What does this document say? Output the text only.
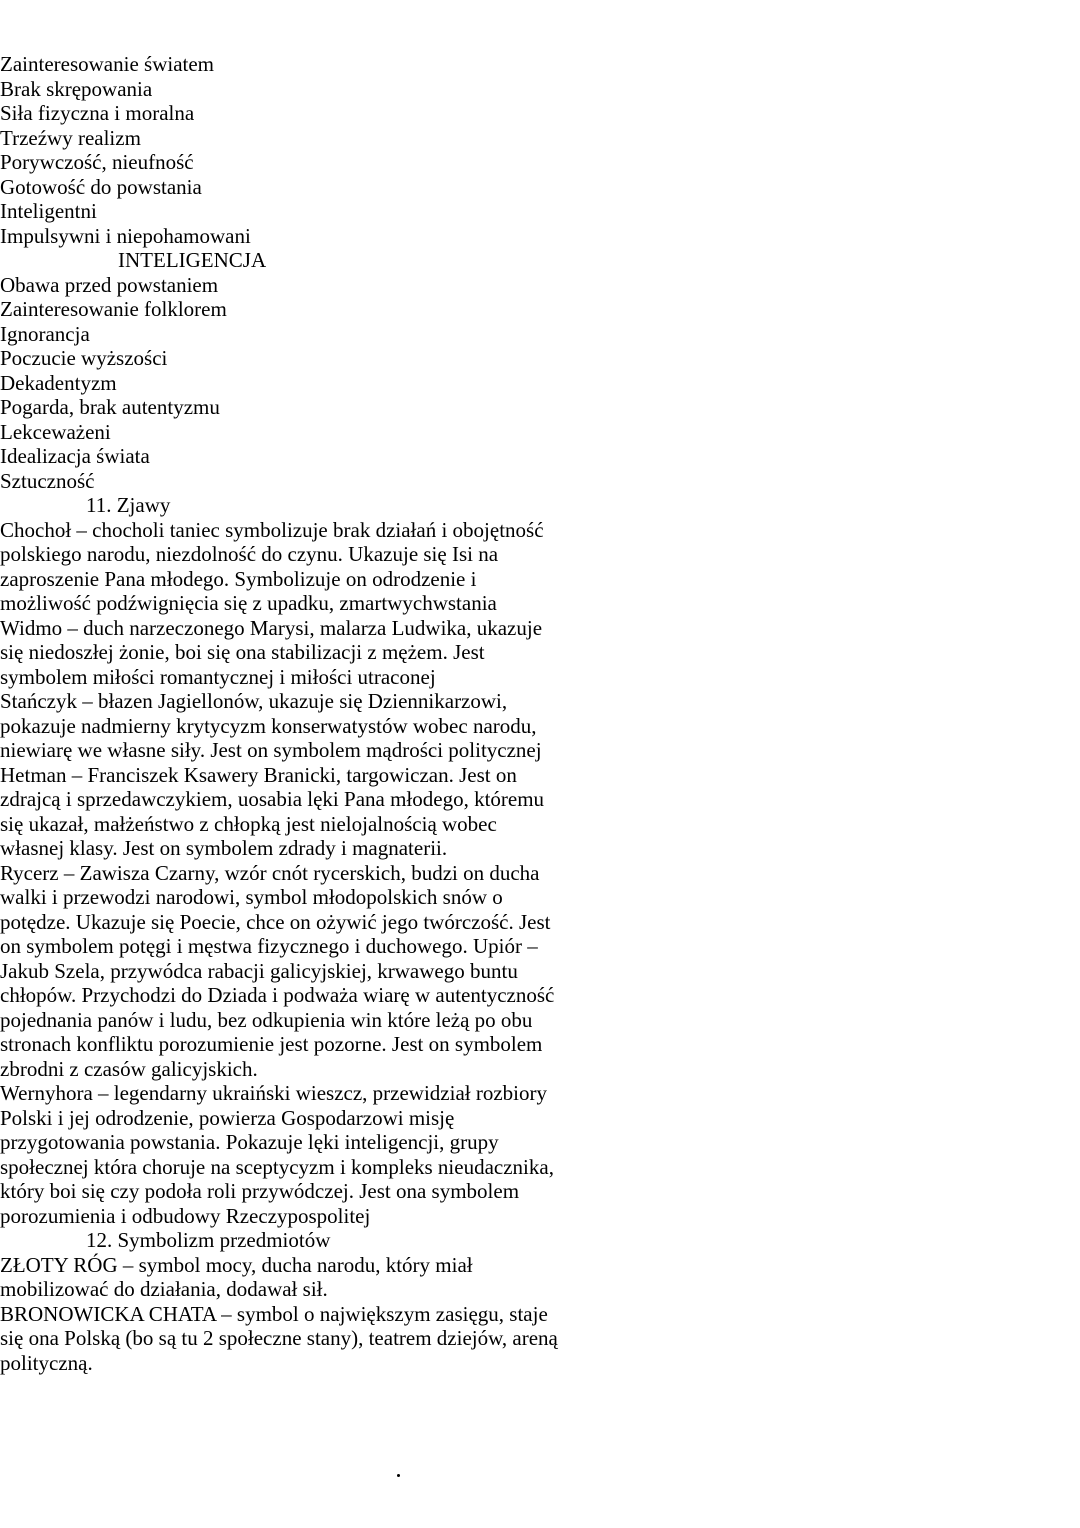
Zainteresowanie światem
Brak skrępowania
Siła fizyczna i moralna
Trzeźwy realizm
Porywczość, nieufność
Gotowość do powstania
Inteligentni
Impulsywni i niepohamowani
INTELIGENCJA
Obawa przed powstaniem
Zainteresowanie folklorem
Ignorancja
Poczucie wyższości
Dekadentyzm
Pogarda, brak autentyzmu
Lekceważeni
Idealizacja świata
Sztuczność
11. Zjawy
Chochoł – chocholi taniec symbolizuje brak działań i obojętność polskiego narodu, niezdolność do czynu. Ukazuje się Isi na zaproszenie Pana młodego. Symbolizuje on odrodzenie i możliwość podźwignięcia się z upadku, zmartwychwstania
Widmo – duch narzeczonego Marysi, malarza Ludwika, ukazuje się niedoszłej żonie, boi się ona stabilizacji z mężem. Jest symbolem miłości romantycznej i miłości utraconej
Stańczyk – błazen Jagiellonów, ukazuje się Dziennikarzowi, pokazuje nadmierny krytycyzm konserwatystów wobec narodu, niewiarę we własne siły. Jest on symbolem mądrości politycznej Hetman – Franciszek Ksawery Branicki, targowiczan. Jest on zdrajcą i sprzedawczykiem, uosabia lęki Pana młodego, któremu się ukazał, małżeństwo z chłopką jest nielojalnością wobec własnej klasy. Jest on symbolem zdrady i magnaterii.
Rycerz – Zawisza Czarny, wzór cnót rycerskich, budzi on ducha walki i przewodzi narodowi, symbol młodopolskich snów o potędze. Ukazuje się Poecie, chce on ożywić jego twórczość. Jest on symbolem potęgi i męstwa fizycznego i duchowego. Upiór – Jakub Szela, przywódca rabacji galicyjskiej, krwawego buntu chłopów. Przychodzi do Dziada i podważa wiarę w autentyczność pojednania panów i ludu, bez odkupienia win które leżą po obu stronach konfliktu porozumienie jest pozorne. Jest on symbolem zbrodni z czasów galicyjskich.
Wernyhora – legendarny ukraiński wieszcz, przewidział rozbiory Polski i jej odrodzenie, powierza Gospodarzowi misję przygotowania powstania. Pokazuje lęki inteligencji, grupy społecznej która choruje na sceptycyzm i kompleks nieudacznika, który boi się czy podoła roli przywódczej. Jest ona symbolem porozumienia i odbudowy Rzeczypospolitej
12. Symbolizm przedmiotów
ZŁOTY RÓG – symbol mocy, ducha narodu, który miał mobilizować do działania, dodawał sił.
BRONOWICKA CHATA – symbol o największym zasięgu, staje się ona Polską (bo są tu 2 społeczne stany), teatrem dziejów, areną polityczną.
